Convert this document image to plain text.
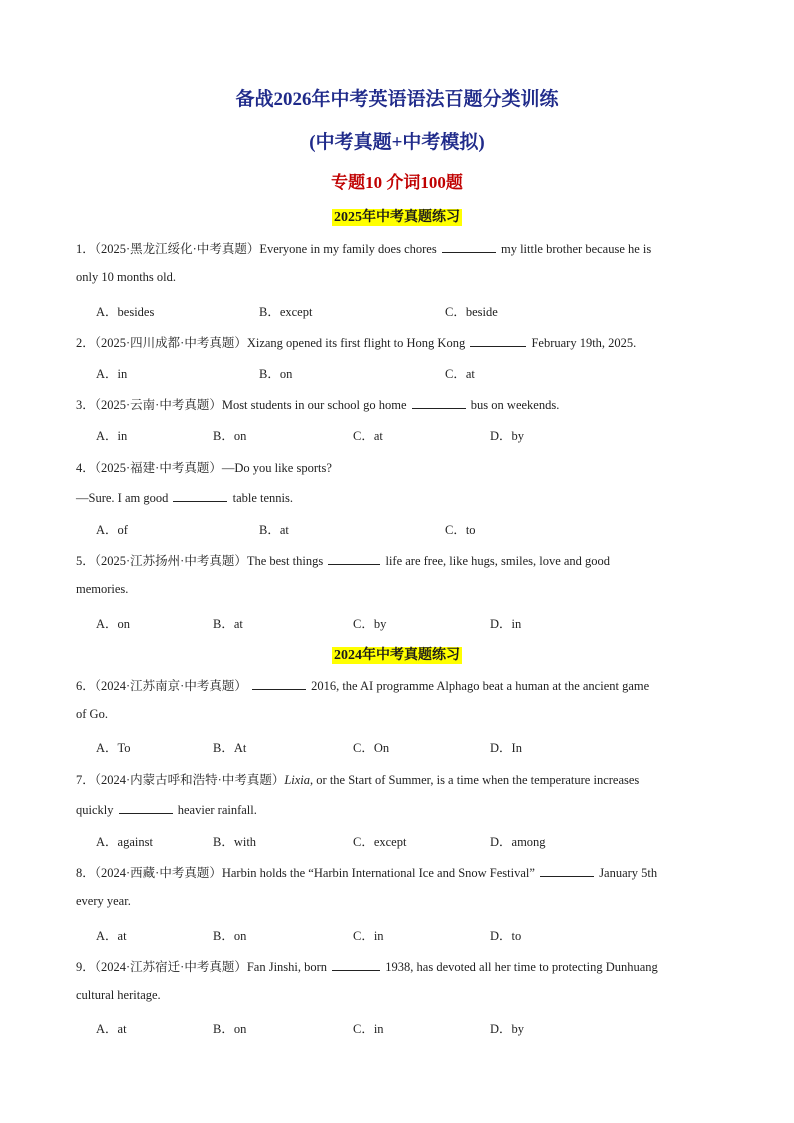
备战2026年中考英语语法百题分类训练
(中考真题+中考模拟)
专题10 介词100题
2025年中考真题练习
1．（2025·黑龙江绥化·中考真题）Everyone in my family does chores	my little brother because he is
only 10 months old.
A．besides	B．except	C．beside
2．（2025·四川成都·中考真题）Xizang opened its first flight to Hong Kong	February 19th, 2025.
A．in	B．on	C．at
3．（2025·云南·中考真题）Most students in our school go home	bus on weekends.
A．in	B．on	C．at	D．by
4．（2025·福建·中考真题）—Do you like sports?
—Sure. I am good	table tennis.
A．of	B．at	C．to
5．（2025·江苏扬州·中考真题）The best things	life are free, like hugs, smiles, love and good
memories.
A．on	B．at	C．by	D．in
2024年中考真题练习
6．（2024·江苏南京·中考真题）	2016, the AI programme Alphago beat a human at the ancient game
of Go.
A．To	B．At	C．On	D．In
7．（2024·内蒙古呼和浩特·中考真题）Lixia, or the Start of Summer, is a time when the temperature increases
quickly	heavier rainfall.
A．against	B．with	C．except	D．among
8．（2024·西藏·中考真题）Harbin holds the “Harbin International Ice and Snow Festival”	January 5th
every year.
A．at	B．on	C．in	D．to
9．（2024·江苏宿迁·中考真题）Fan Jinshi, born	1938, has devoted all her time to protecting Dunhuang
cultural heritage.
A．at	B．on	C．in	D．by
